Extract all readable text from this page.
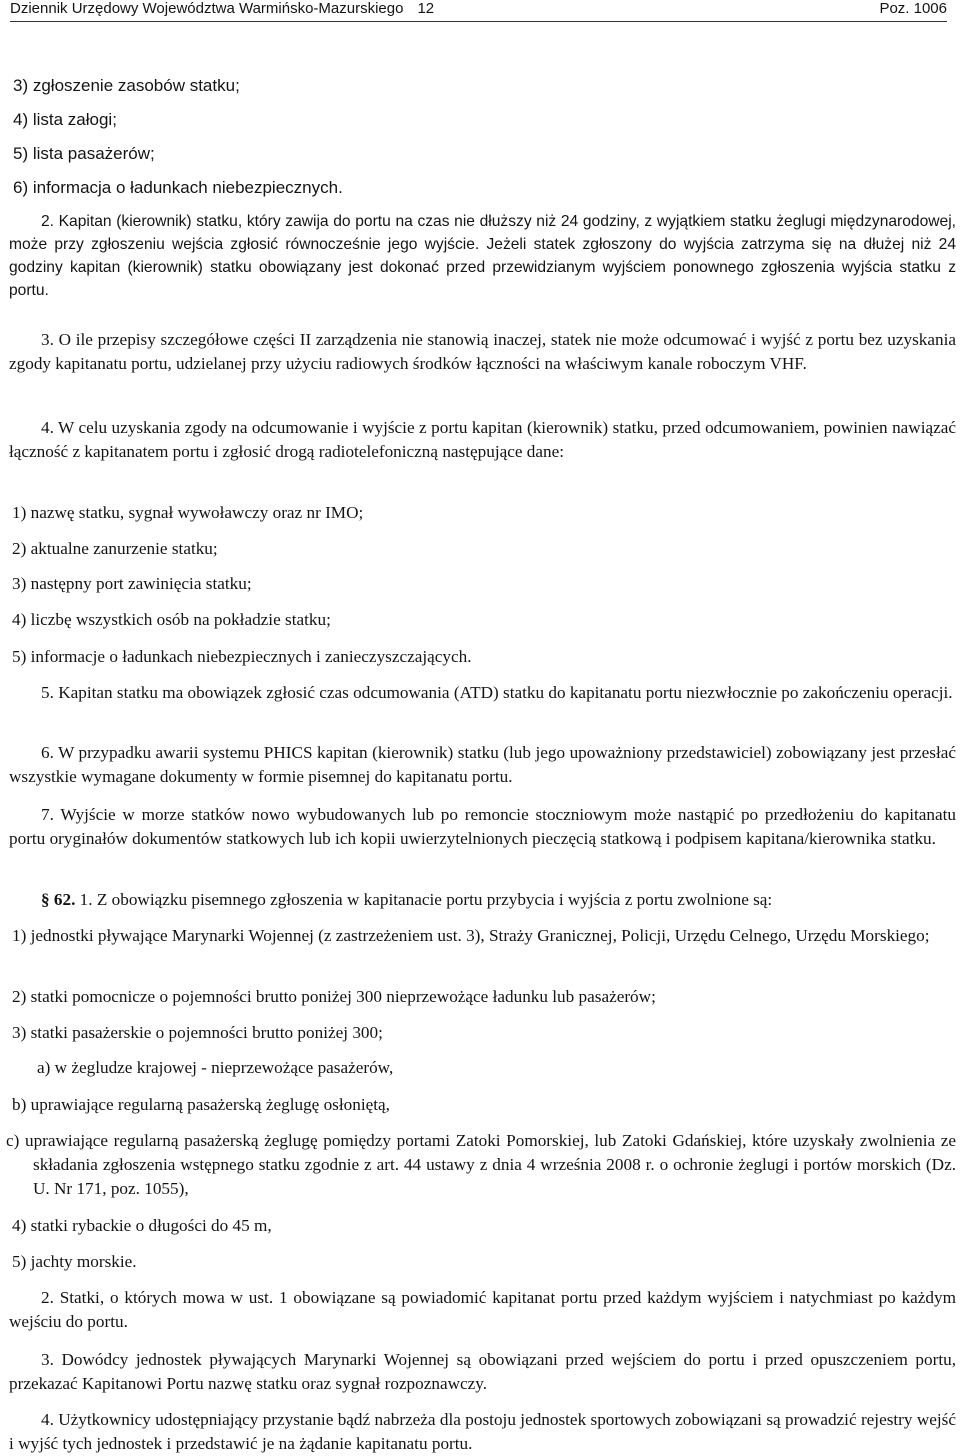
Dziennik Urzędowy Województwa Warmińsko-Mazurskiego 12	Poz. 1006
3) zgłoszenie zasobów statku;
4) lista załogi;
5) lista pasażerów;
6) informacja o ładunkach niebezpiecznych.
2. Kapitan (kierownik) statku, który zawija do portu na czas nie dłuższy niż 24 godziny, z wyjątkiem statku żeglugi międzynarodowej, może przy zgłoszeniu wejścia zgłosić równocześnie jego wyjście. Jeżeli statek zgłoszony do wyjścia zatrzyma się na dłużej niż 24 godziny kapitan (kierownik) statku obowiązany jest dokonać przed przewidzianym wyjściem ponownego zgłoszenia wyjścia statku z portu.
3. O ile przepisy szczegółowe części II zarządzenia nie stanowią inaczej, statek nie może odcumować i wyjść z portu bez uzyskania zgody kapitanatu portu, udzielanej przy użyciu radiowych środków łączności na właściwym kanale roboczym VHF.
4. W celu uzyskania zgody na odcumowanie i wyjście z portu kapitan (kierownik) statku, przed odcumowaniem, powinien nawiązać łączność z kapitanatem portu i zgłosić drogą radiotelefoniczną następujące dane:
1) nazwę statku, sygnał wywoławczy oraz nr IMO;
2) aktualne zanurzenie statku;
3) następny port zawinięcia statku;
4) liczbę wszystkich osób na pokładzie statku;
5) informacje o ładunkach niebezpiecznych i zanieczyszczających.
5. Kapitan statku ma obowiązek zgłosić czas odcumowania (ATD) statku do kapitanatu portu niezwłocznie po zakończeniu operacji.
6. W przypadku awarii systemu PHICS kapitan (kierownik) statku (lub jego upoważniony przedstawiciel) zobowiązany jest przesłać wszystkie wymagane dokumenty w formie pisemnej do kapitanatu portu.
7. Wyjście w morze statków nowo wybudowanych lub po remoncie stoczniowym może nastąpić po przedłożeniu do kapitanatu portu oryginałów dokumentów statkowych lub ich kopii uwierzytelnionych pieczęcią statkową i podpisem kapitana/kierownika statku.
§ 62. 1. Z obowiązku pisemnego zgłoszenia w kapitanacie portu przybycia i wyjścia z portu zwolnione są:
1) jednostki pływające Marynarki Wojennej (z zastrzeżeniem ust. 3), Straży Granicznej, Policji, Urzędu Celnego, Urzędu Morskiego;
2) statki pomocnicze o pojemności brutto poniżej 300 nieprzewożące ładunku lub pasażerów;
3) statki pasażerskie o pojemności brutto poniżej 300;
a) w żegludze krajowej - nieprzewożące pasażerów,
b) uprawiające regularną pasażerską żeglugę osłoniętą,
c) uprawiające regularną pasażerską żeglugę pomiędzy portami Zatoki Pomorskiej, lub Zatoki Gdańskiej, które uzyskały zwolnienia ze składania zgłoszenia wstępnego statku zgodnie z art. 44 ustawy z dnia 4 września 2008 r. o ochronie żeglugi i portów morskich (Dz. U. Nr 171, poz. 1055),
4) statki rybackie o długości do 45 m,
5) jachty morskie.
2. Statki, o których mowa w ust. 1 obowiązane są powiadomić kapitanat portu przed każdym wyjściem i natychmiast po każdym wejściu do portu.
3. Dowódcy jednostek pływających Marynarki Wojennej są obowiązani przed wejściem do portu i przed opuszczeniem portu, przekazać Kapitanowi Portu nazwę statku oraz sygnał rozpoznawczy.
4. Użytkownicy udostępniający przystanie bądź nabrzeża dla postoju jednostek sportowych zobowiązani są prowadzić rejestry wejść i wyjść tych jednostek i przedstawić je na żądanie kapitanatu portu.
